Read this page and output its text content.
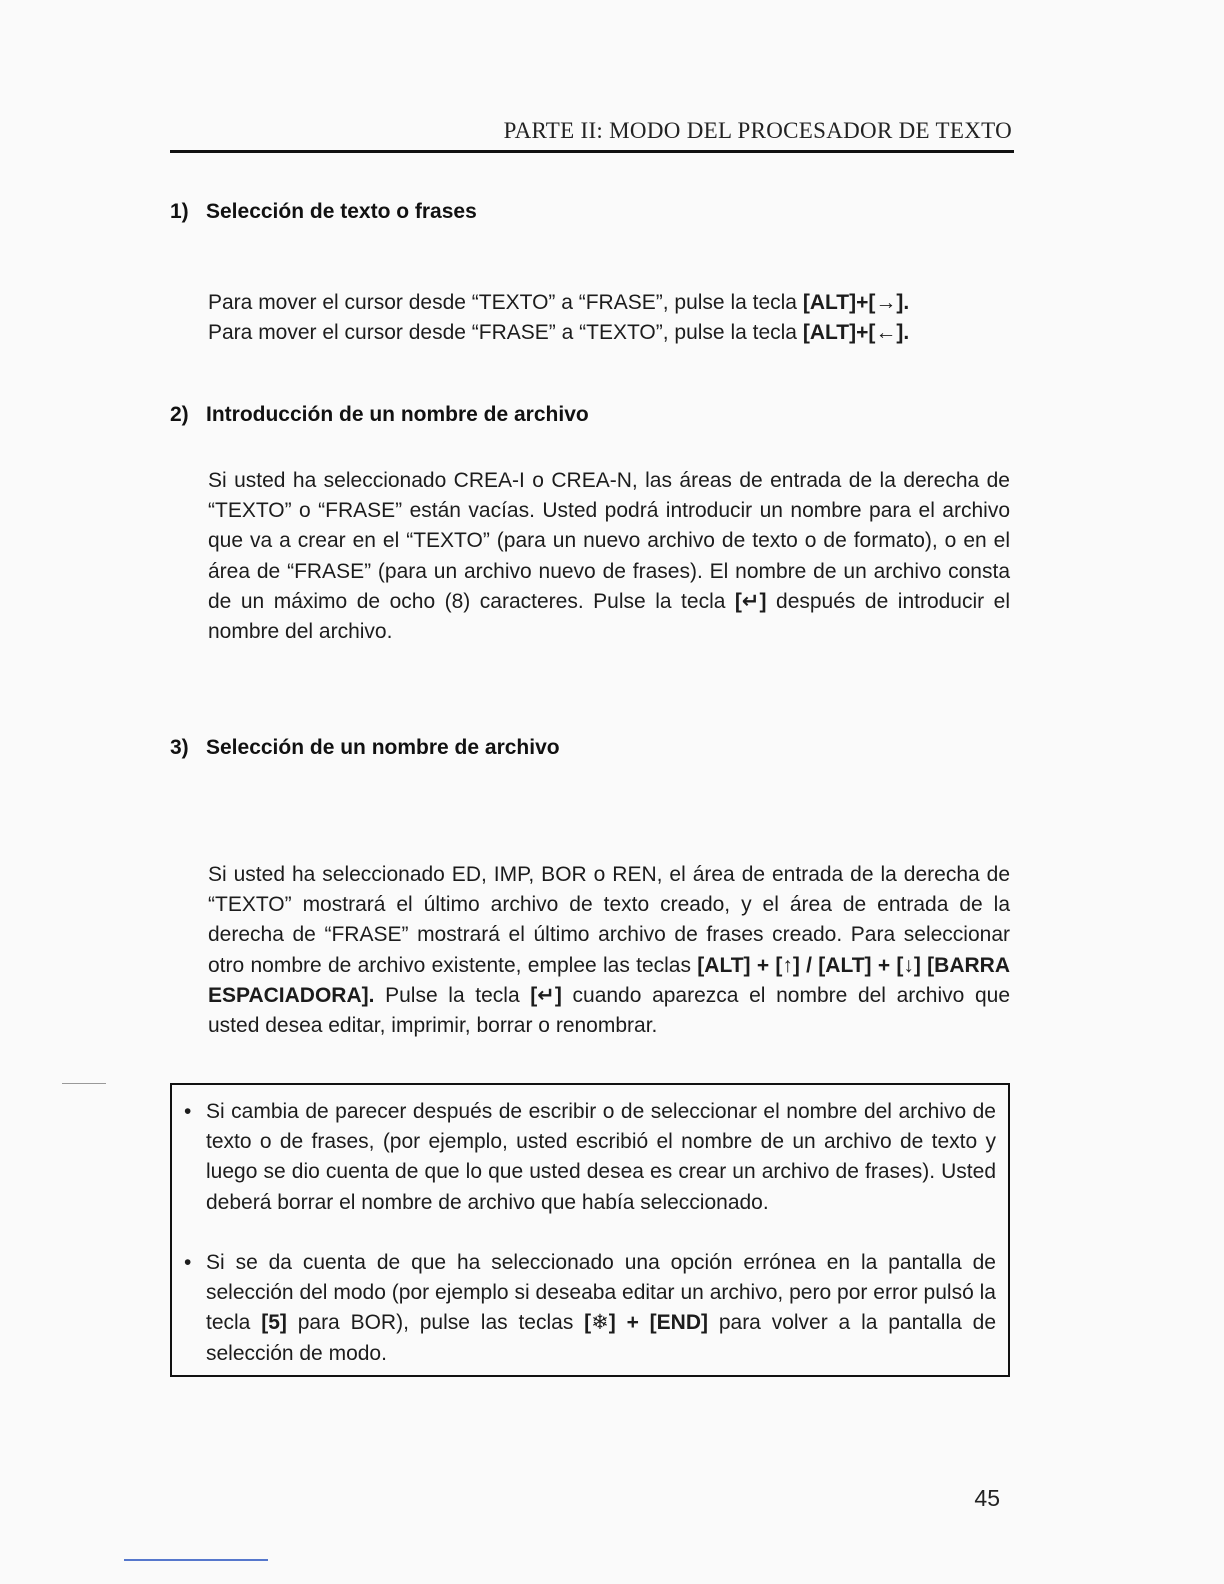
PARTE II: MODO DEL PROCESADOR DE TEXTO
1) Selección de texto o frases
Para mover el cursor desde “TEXTO” a “FRASE”, pulse la tecla [ALT]+[→].
Para mover el cursor desde “FRASE” a “TEXTO”, pulse la tecla [ALT]+[←].
2) Introducción de un nombre de archivo
Si usted ha seleccionado CREA-I o CREA-N, las áreas de entrada de la derecha de “TEXTO” o “FRASE” están vacías. Usted podrá introducir un nombre para el archivo que va a crear en el “TEXTO” (para un nuevo archivo de texto o de formato), o en el área de “FRASE” (para un archivo nuevo de frases). El nombre de un archivo consta de un máximo de ocho (8) caracteres. Pulse la tecla [↵] después de introducir el nombre del archivo.
3) Selección de un nombre de archivo
Si usted ha seleccionado ED, IMP, BOR o REN, el área de entrada de la derecha de “TEXTO” mostrará el último archivo de texto creado, y el área de entrada de la derecha de “FRASE” mostrará el último archivo de frases creado. Para seleccionar otro nombre de archivo existente, emplee las teclas [ALT] + [↑] / [ALT] + [↓] [BARRA ESPACIADORA]. Pulse la tecla [↵] cuando aparezca el nombre del archivo que usted desea editar, imprimir, borrar o renombrar.
• Si cambia de parecer después de escribir o de seleccionar el nombre del archivo de texto o de frases, (por ejemplo, usted escribió el nombre de un archivo de texto y luego se dio cuenta de que lo que usted desea es crear un archivo de frases). Usted deberá borrar el nombre de archivo que había seleccionado.
• Si se da cuenta de que ha seleccionado una opción errónea en la pantalla de selección del modo (por ejemplo si deseaba editar un archivo, pero por error pulsó la tecla [5] para BOR), pulse las teclas [❄] + [END] para volver a la pantalla de selección de modo.
45
